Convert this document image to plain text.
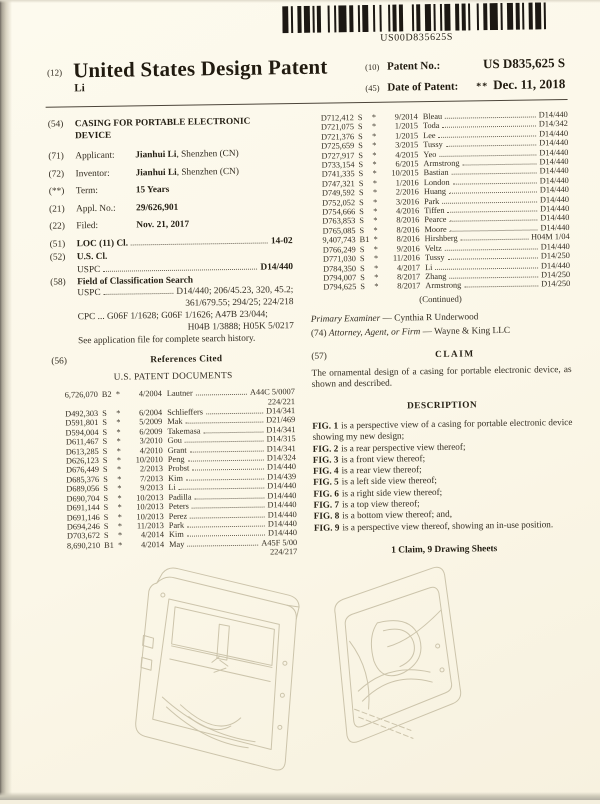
US00D835625S
(12) United States Design Patent
Li
(10) Patent No.:	US D835,625 S
(45) Date of Patent: ** Dec. 11, 2018
(54)	CASING FOR PORTABLE ELECTRONIC DEVICE
(71)	Applicant:	Jianhui Li, Shenzhen (CN)
(72)	Inventor:	Jianhui Li, Shenzhen (CN)
(**)	Term:	15 Years
(21)	Appl. No.:	29/626,901
(22)	Filed:	Nov. 21, 2017
(51)	LOC (11) Cl.	14-02
(52)	U.S. Cl.
USPC	D14/440
(58)	Field of Classification Search
USPC	D14/440; 206/45.23, 320, 45.2;
361/679.55; 294/25; 224/218
CPC ... G06F 1/1628; G06F 1/1626; A47B 23/044;
H04B 1/3888; H05K 5/0217
See application file for complete search history.
(56)	References Cited
U.S. PATENT DOCUMENTS
6,726,070 B2 *	4/2004 Lautner	A44C 5/0007
224/221
D492,303 S	*	6/2004 Schlieffers	D14/341
D591,801 S	*	5/2009 Mak	D21/469
D594,004 S	*	6/2009 Takemasa	D14/341
D611,467 S	*	3/2010 Gou	D14/315
D613,285 S	*	4/2010 Grant	D14/341
D626,123 S	*	10/2010 Peng	D14/324
D676,449 S	*	2/2013 Probst	D14/440
D685,376 S	*	7/2013 Kim	D14/439
D689,056 S	*	9/2013 Li	D14/440
D690,704 S	*	10/2013 Padilla	D14/440
D691,144 S	*	10/2013 Peters	D14/440
D691,146 S	*	10/2013 Perez	D14/440
D694,246 S	*	11/2013 Park	D14/440
D703,672 S	*	4/2014 Kim	D14/440
8,690,210 B1 *	4/2014 May	A45F 5/00
224/217
D712,412 S	*	9/2014 Bleau	D14/440
D721,075 S	*	1/2015 Toda	D14/342
D721,376 S	*	1/2015 Lee	D14/440
D725,659 S	*	3/2015 Tussy	D14/440
D727,917 S	*	4/2015 Yeo	D14/440
D733,154 S	*	6/2015 Armstrong	D14/440
D741,335 S	*	10/2015 Bastian	D14/440
D747,321 S	*	1/2016 London	D14/440
D749,592 S	*	2/2016 Huang	D14/440
D752,052 S	*	3/2016 Park	D14/440
D754,666 S	*	4/2016 Tiffen	D14/440
D763,853 S	*	8/2016 Pearce	D14/440
D765,085 S	*	8/2016 Moore	D14/440
9,407,743 B1 *	8/2016 Hirshberg	H04M 1/04
D766,249 S	*	9/2016 Veltz	D14/440
D771,030 S	*	11/2016 Tussy	D14/250
D784,350 S	*	4/2017 Li	D14/440
D794,007 S	*	8/2017 Zhang	D14/250
D794,625 S	*	8/2017 Armstrong	D14/250
(Continued)
Primary Examiner — Cynthia R Underwood
(74) Attorney, Agent, or Firm — Wayne & King LLC
(57)	CLAIM
The ornamental design of a casing for portable electronic device, as shown and described.
DESCRIPTION
FIG. 1 is a perspective view of a casing for portable electronic device showing my new design;
FIG. 2 is a rear perspective view thereof;
FIG. 3 is a front view thereof;
FIG. 4 is a rear view thereof;
FIG. 5 is a left side view thereof;
FIG. 6 is a right side view thereof;
FIG. 7 is a top view thereof;
FIG. 8 is a bottom view thereof; and,
FIG. 9 is a perspective view thereof, showing an in-use position.
1 Claim, 9 Drawing Sheets
